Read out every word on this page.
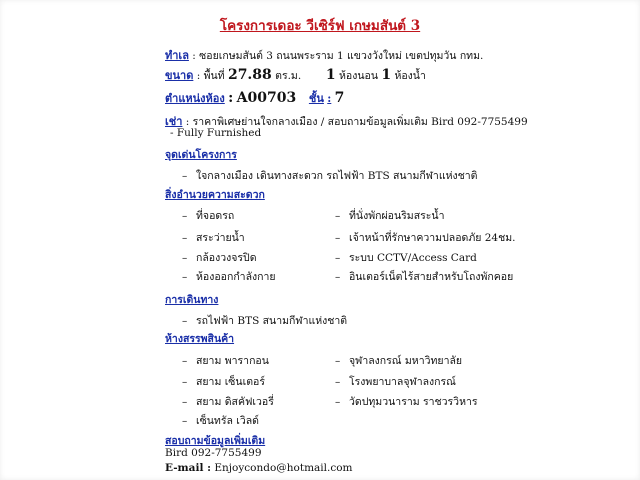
โครงการเดอะ วีเซิร์ฟ เกษมสันต์ 3
ทำเล : ซอยเกษมสันต์ 3 ถนนพระราม 1 แขวงวังใหม่ เขตปทุมวัน กทม.
ขนาด : พื้นที่ 27.88 ตร.ม. 1 ห้องนอน 1 ห้องน้ำ
ตำแหน่งห้อง : A00703 ชั้น : 7
เช่า : ราคาพิเศษย่านใจกลางเมือง / สอบถามข้อมูลเพิ่มเติม Bird 092-7755499
- Fully Furnished
จุดเด่นโครงการ
– ใจกลางเมือง เดินทางสะดวก รถไฟฟ้า BTS สนามกีฬาแห่งชาติ
สิ่งอำนวยความสะดวก
– ที่จอดรถ
– สระว่ายน้ำ
– กล้องวงจรปิด
– ห้องออกกำลังกาย
– ที่นั่งพักผ่อนริมสระน้ำ
– เจ้าหน้าที่รักษาความปลอดภัย 24ชม.
– ระบบ CCTV/Access Card
– อินเตอร์เน็ตไร้สายสำหรับโถงพักคอย
การเดินทาง
– รถไฟฟ้า BTS สนามกีฬาแห่งชาติ
ห้างสรรพสินค้า
– สยาม พารากอน
– สยาม เซ็นเตอร์
– สยาม ดิสคัฟเวอรี่
– เซ็นทรัล เวิลด์
– จุฬาลงกรณ์ มหาวิทยาลัย
– โรงพยาบาลจุฬาลงกรณ์
– วัดปทุมวนาราม ราชวรวิหาร
สอบถามข้อมูลเพิ่มเติม
Bird 092-7755499
E-mail : Enjoycondo@hotmail.com
